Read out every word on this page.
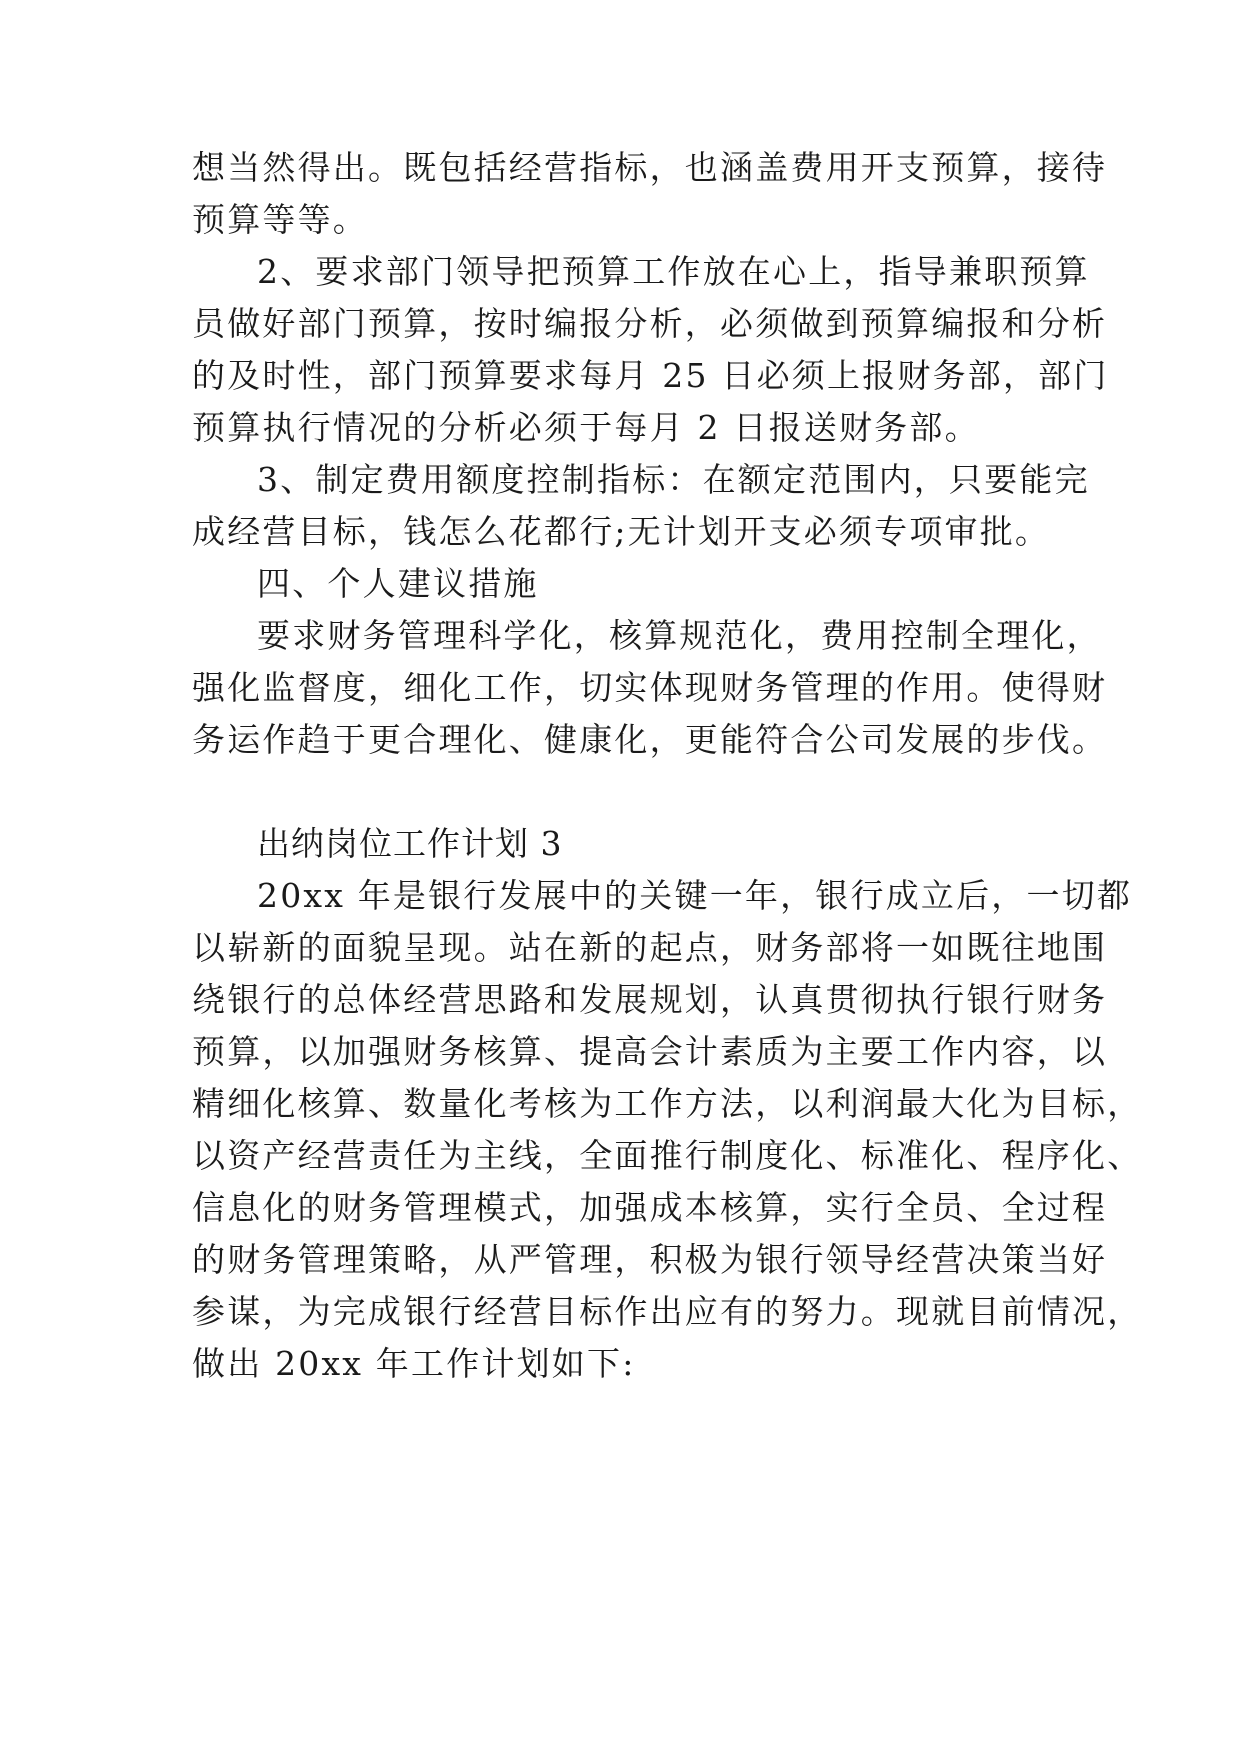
想当然得出。既包括经营指标，也涵盖费用开支预算，接待
预算等等。
2、要求部门领导把预算工作放在心上，指导兼职预算
员做好部门预算，按时编报分析，必须做到预算编报和分析
的及时性，部门预算要求每月 25 日必须上报财务部，部门
预算执行情况的分析必须于每月 2 日报送财务部。
3、制定费用额度控制指标：在额定范围内，只要能完
成经营目标，钱怎么花都行;无计划开支必须专项审批。
四、个人建议措施
要求财务管理科学化，核算规范化，费用控制全理化，
强化监督度，细化工作，切实体现财务管理的作用。使得财
务运作趋于更合理化、健康化，更能符合公司发展的步伐。
出纳岗位工作计划 3
20xx 年是银行发展中的关键一年，银行成立后，一切都
以崭新的面貌呈现。站在新的起点，财务部将一如既往地围
绕银行的总体经营思路和发展规划，认真贯彻执行银行财务
预算，以加强财务核算、提高会计素质为主要工作内容，以
精细化核算、数量化考核为工作方法，以利润最大化为目标，
以资产经营责任为主线，全面推行制度化、标准化、程序化、
信息化的财务管理模式，加强成本核算，实行全员、全过程
的财务管理策略，从严管理，积极为银行领导经营决策当好
参谋，为完成银行经营目标作出应有的努力。现就目前情况，
做出 20xx 年工作计划如下:
